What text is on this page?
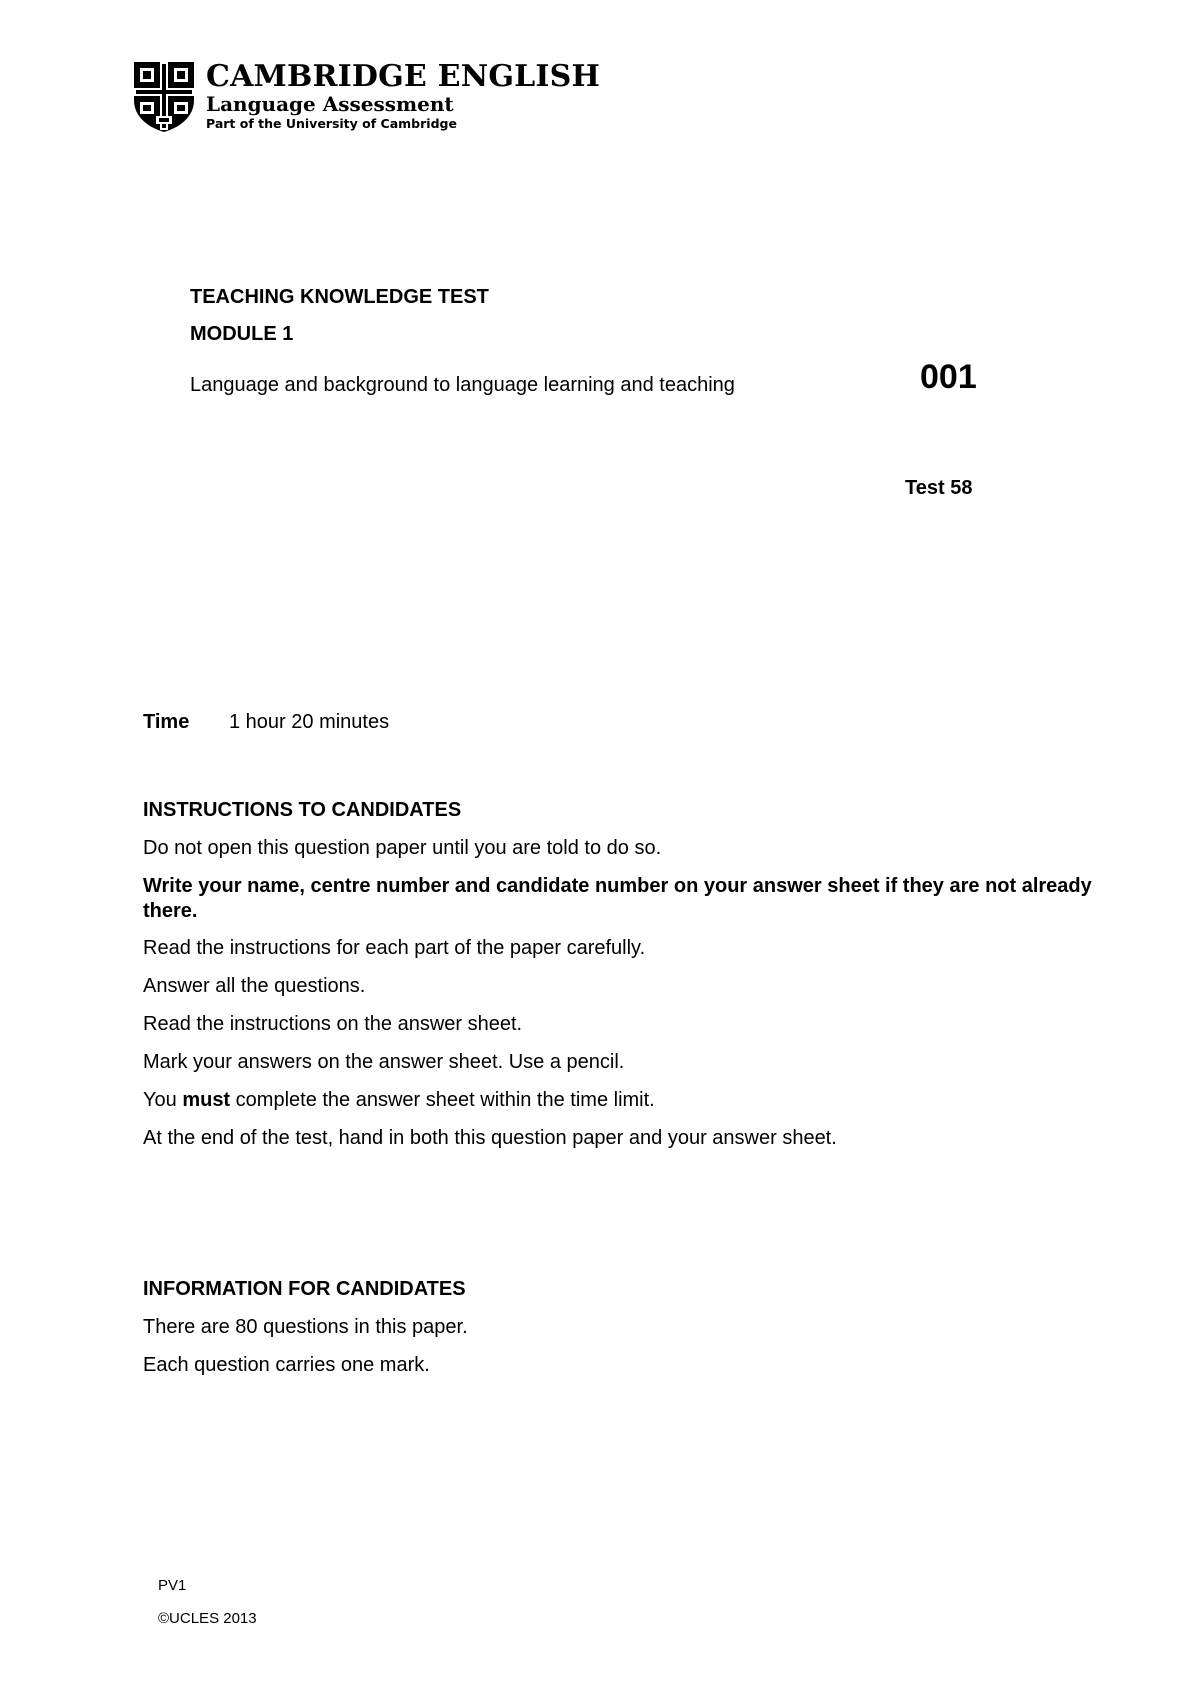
CAMBRIDGE ENGLISH
Language Assessment
Part of the University of Cambridge
TEACHING KNOWLEDGE TEST
MODULE 1
Language and background to language learning and teaching	001
Test 58
Time 1 hour 20 minutes
INSTRUCTIONS TO CANDIDATES
Do not open this question paper until you are told to do so.
Write your name, centre number and candidate number on your answer sheet if they are not already there.
Read the instructions for each part of the paper carefully.
Answer all the questions.
Read the instructions on the answer sheet.
Mark your answers on the answer sheet. Use a pencil.
You must complete the answer sheet within the time limit.
At the end of the test, hand in both this question paper and your answer sheet.
INFORMATION FOR CANDIDATES
There are 80 questions in this paper.
Each question carries one mark.
PV1
©UCLES 2013
